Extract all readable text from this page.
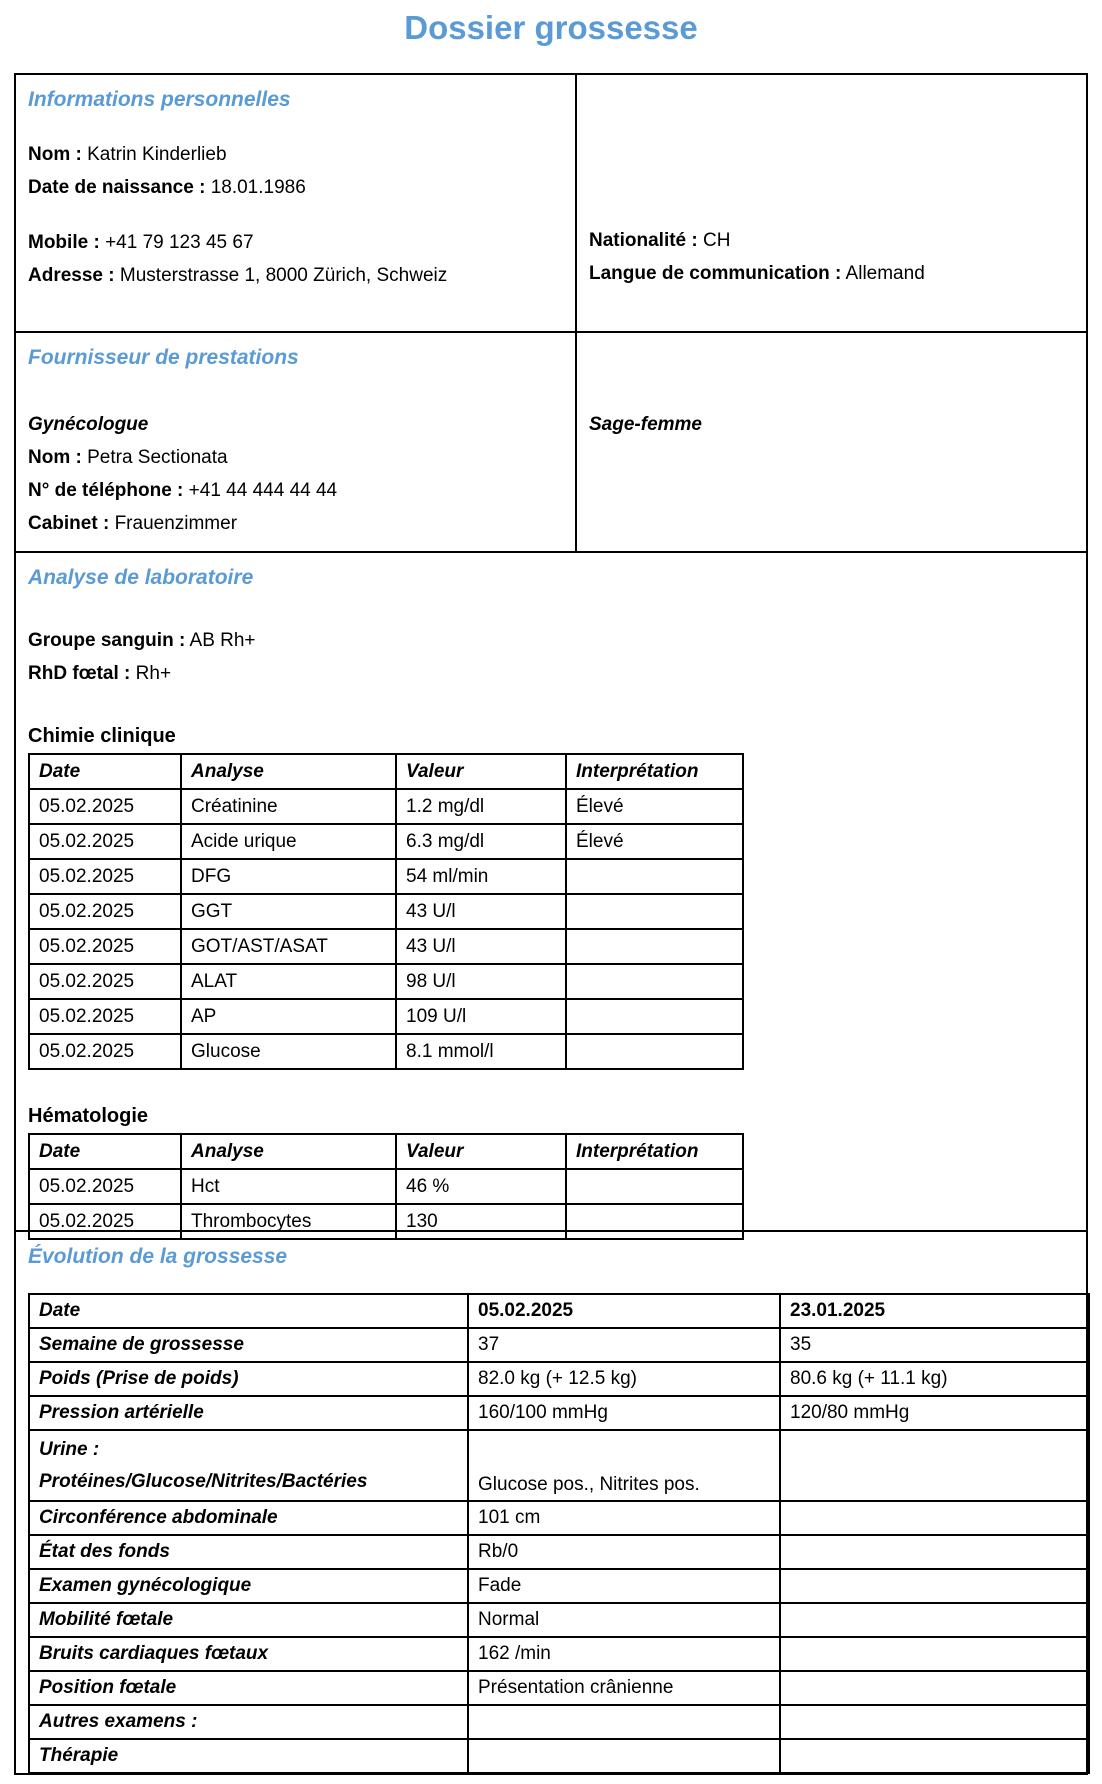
Dossier grossesse
Informations personnelles

Nom : Katrin Kinderlieb

Date de naissance : 18.01.1986

Mobile : +41 79 123 45 67

Adresse : Musterstrasse 1, 8000 Zürich, Schweiz

Nationalité : CH

Langue de communication : Allemand

Fournisseur de prestations

Gynécologue

Nom : Petra Sectionata

N° de téléphone : +41 44 444 44 44

Cabinet : Frauenzimmer

Sage-femme

Analyse de laboratoire

Groupe sanguin : AB Rh+

RhD fœtal : Rh+

Chimie clinique
Date	Analyse	Valeur	Interprétation
05.02.2025	Créatinine	1.2 mg/dl	Élevé
05.02.2025	Acide urique	6.3 mg/dl	Élevé
05.02.2025	DFG	54 ml/min	
05.02.2025	GGT	43 U/l	
05.02.2025	GOT/AST/ASAT	43 U/l	
05.02.2025	ALAT	98 U/l	
05.02.2025	AP	109 U/l	
05.02.2025	Glucose	8.1 mmol/l	
Hématologie
Date	Analyse	Valeur	Interprétation
05.02.2025	Hct	46 %	
05.02.2025	Thrombocytes	130	
Évolution de la grossesse
Date	05.02.2025	23.01.2025
Semaine de grossesse	37	35
Poids (Prise de poids)	82.0 kg (+ 12.5 kg)	80.6 kg (+ 11.1 kg)
Pression artérielle	160/100 mmHg	120/80 mmHg

Urine :
Protéines/Glucose/Nitrites/Bactéries	Glucose pos., Nitrites pos.	
Circonférence abdominale	101 cm	
État des fonds	Rb/0	
Examen gynécologique	Fade	
Mobilité fœtale	Normal	
Bruits cardiaques fœtaux	162 /min	
Position fœtale	Présentation crânienne	
Autres examens :		
Thérapie		
